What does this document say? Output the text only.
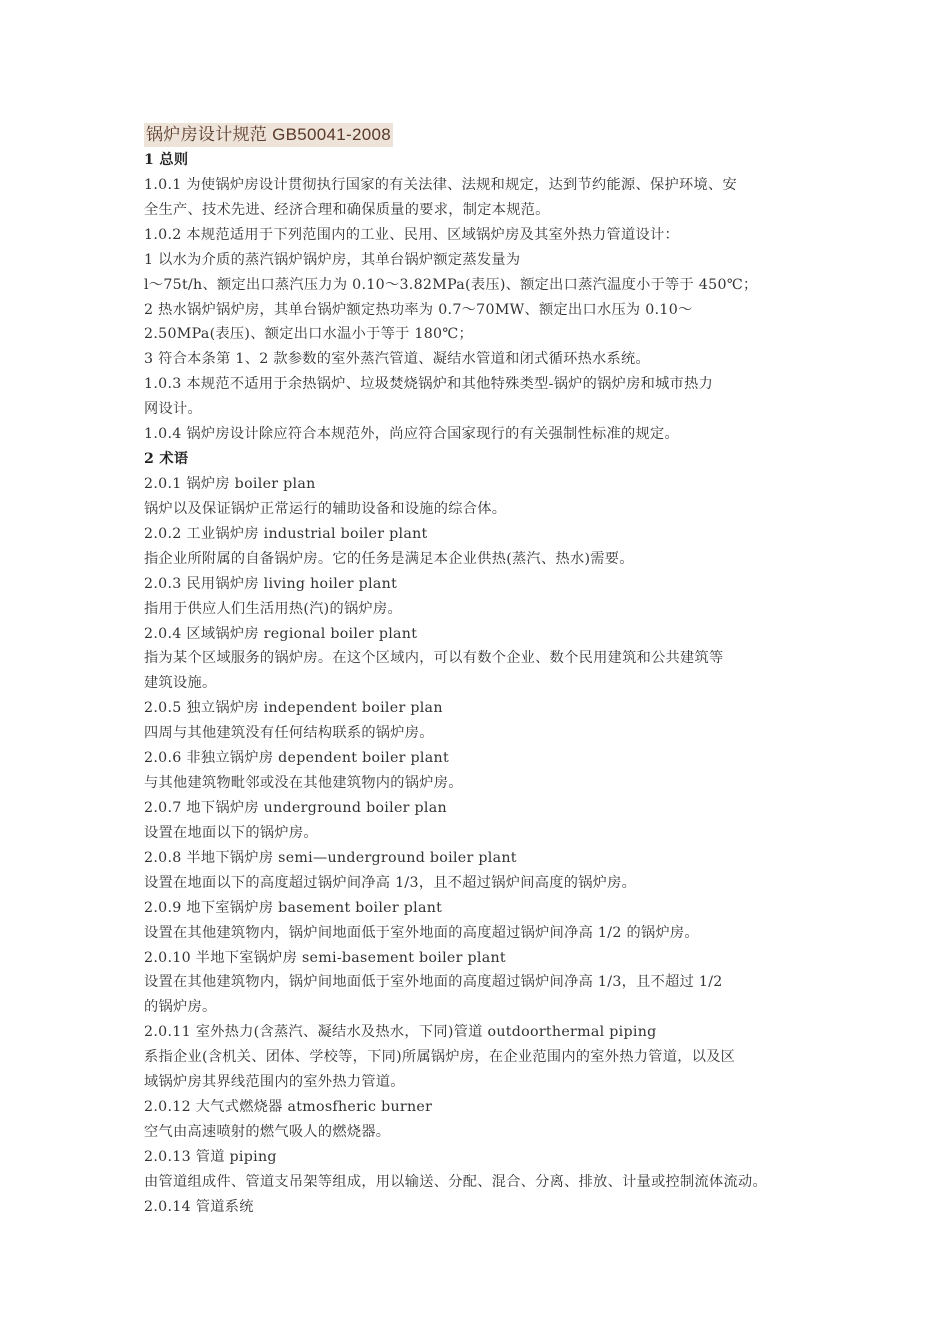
锅炉房设计规范 GB50041-2008
1 总则
1.0.1 为使锅炉房设计贯彻执行国家的有关法律、法规和规定，达到节约能源、保护环境、安
全生产、技术先进、经济合理和确保质量的要求，制定本规范。
1.0.2 本规范适用于下列范围内的工业、民用、区域锅炉房及其室外热力管道设计：
1 以水为介质的蒸汽锅炉锅炉房，其单台锅炉额定蒸发量为
l～75t/h、额定出口蒸汽压力为 0.10～3.82MPa(表压)、额定出口蒸汽温度小于等于 450℃；
2 热水锅炉锅炉房，其单台锅炉额定热功率为 0.7～70MW、额定出口水压为 0.10～
2.50MPa(表压)、额定出口水温小于等于 180℃；
3 符合本条第 1、2 款参数的室外蒸汽管道、凝结水管道和闭式循环热水系统。
1.0.3 本规范不适用于余热锅炉、垃圾焚烧锅炉和其他特殊类型-锅炉的锅炉房和城市热力
网设计。
1.0.4 锅炉房设计除应符合本规范外，尚应符合国家现行的有关强制性标准的规定。
2 术语
2.0.1 锅炉房 boiler plan
锅炉以及保证锅炉正常运行的辅助设备和设施的综合体。
2.0.2 工业锅炉房 industrial boiler plant
指企业所附属的自备锅炉房。它的任务是满足本企业供热(蒸汽、热水)需要。
2.0.3 民用锅炉房 living hoiler plant
指用于供应人们生活用热(汽)的锅炉房。
2.0.4 区域锅炉房 regional boiler plant
指为某个区域服务的锅炉房。在这个区域内，可以有数个企业、数个民用建筑和公共建筑等
建筑设施。
2.0.5 独立锅炉房 independent boiler plan
四周与其他建筑没有任何结构联系的锅炉房。
2.0.6 非独立锅炉房 dependent boiler plant
与其他建筑物毗邻或没在其他建筑物内的锅炉房。
2.0.7 地下锅炉房 underground boiler plan
设置在地面以下的锅炉房。
2.0.8 半地下锅炉房 semi—underground boiler plant
设置在地面以下的高度超过锅炉间净高 1/3，且不超过锅炉间高度的锅炉房。
2.0.9 地下室锅炉房 basement boiler plant
设置在其他建筑物内，锅炉间地面低于室外地面的高度超过锅炉间净高 1/2 的锅炉房。
2.0.10 半地下室锅炉房 semi-basement boiler plant
设置在其他建筑物内，锅炉间地面低于室外地面的高度超过锅炉间净高 1/3，且不超过 1/2
的锅炉房。
2.0.11 室外热力(含蒸汽、凝结水及热水，下同)管道 outdoorthermal piping
系指企业(含机关、团体、学校等，下同)所属锅炉房，在企业范围内的室外热力管道，以及区
域锅炉房其界线范围内的室外热力管道。
2.0.12 大气式燃烧器 atmosfheric burner
空气由高速喷射的燃气吸人的燃烧器。
2.0.13 管道 piping
由管道组成件、管道支吊架等组成，用以输送、分配、混合、分离、排放、计量或控制流体流动。
2.0.14 管道系统
